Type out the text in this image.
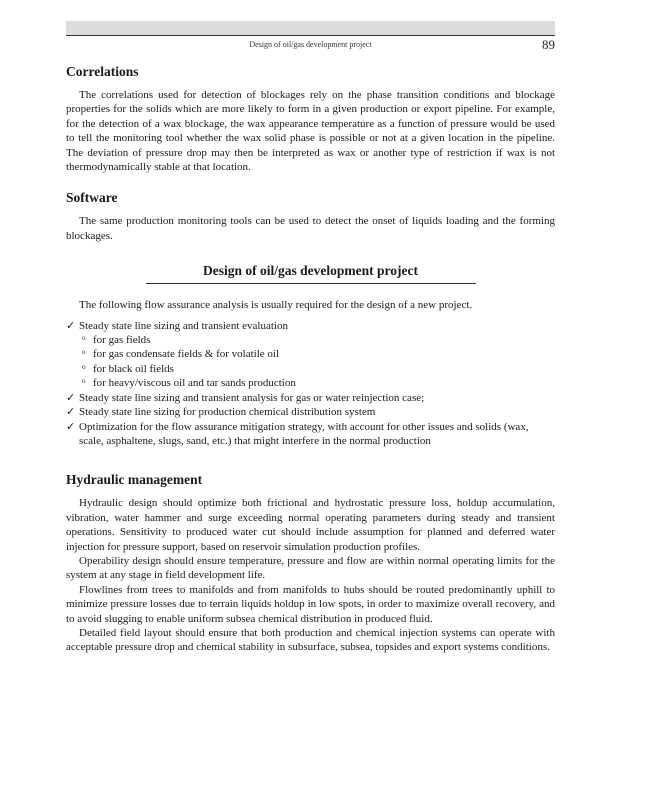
Design of oil/gas development project	89
Correlations

The correlations used for detection of blockages rely on the phase transition conditions and blockage properties for the solids which are more likely to form in a given production or export pipeline. For example, for the detection of a wax blockage, the wax appearance temperature as a function of pressure would be used to tell the monitoring tool whether the wax solid phase is possible or not at a given location in the pipeline. The deviation of pressure drop may then be interpreted as wax or another type of restriction if wax is not thermodynamically stable at that location.

Software

The same production monitoring tools can be used to detect the onset of liquids loading and the forming blockages.

Design of oil/gas development project

The following flow assurance analysis is usually required for the design of a new project.

✓ Steady state line sizing and transient evaluation
o for gas fields
o for gas condensate fields & for volatile oil
o for black oil fields
o for heavy/viscous oil and tar sands production
✓ Steady state line sizing and transient analysis for gas or water reinjection case;
✓ Steady state line sizing for production chemical distribution system
✓ Optimization for the flow assurance mitigation strategy, with account for other issues and solids (wax, scale, asphaltene, slugs, sand, etc.) that might interfere in the normal production
Hydraulic management

Hydraulic design should optimize both frictional and hydrostatic pressure loss, holdup accumulation, vibration, water hammer and surge exceeding normal operating parameters during steady and transient operations. Sensitivity to produced water cut should include assumption for planned and deferred water injection for pressure support, based on reservoir simulation production profiles.

Operability design should ensure temperature, pressure and flow are within normal operating limits for the system at any stage in field development life.

Flowlines from trees to manifolds and from manifolds to hubs should be routed predominantly uphill to minimize pressure losses due to terrain liquids holdup in low spots, in order to maximize overall recovery, and to avoid slugging to enable uniform subsea chemical distribution in produced fluid.

Detailed field layout should ensure that both production and chemical injection systems can operate with acceptable pressure drop and chemical stability in subsurface, subsea, topsides and export systems conditions.
